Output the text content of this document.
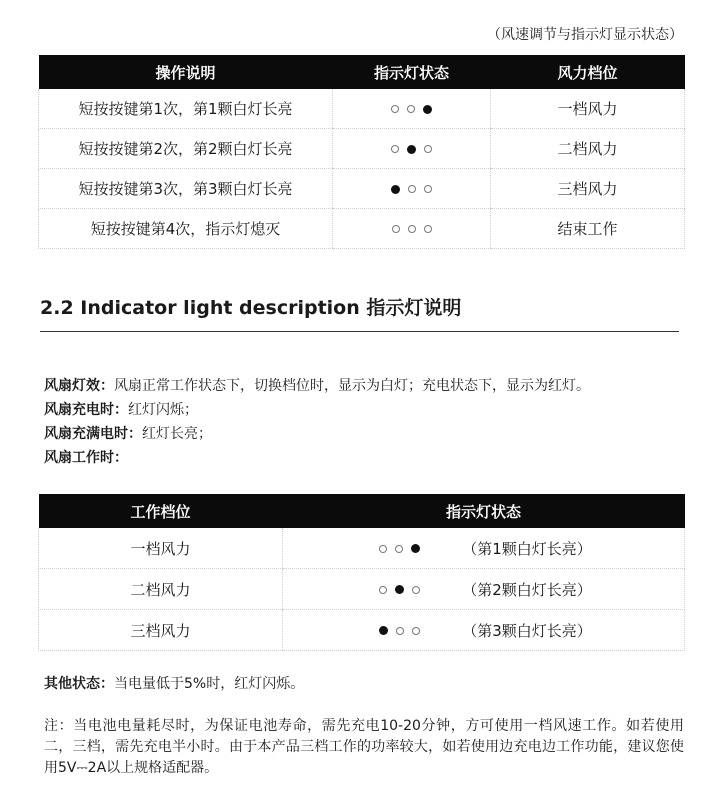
（风速调节与指示灯显示状态）
操作说明	指示灯状态	风力档位
短按按键第1次，第1颗白灯长亮		一档风力
短按按键第2次，第2颗白灯长亮		二档风力
短按按键第3次，第3颗白灯长亮		三档风力
短按按键第4次，指示灯熄灭		结束工作
2.2 Indicator light description 指示灯说明
风扇灯效：风扇正常工作状态下，切换档位时，显示为白灯；充电状态下，显示为红灯。
风扇充电时：红灯闪烁；
风扇充满电时：红灯长亮；
风扇工作时：
工作档位	指示灯状态
一档风力	（第1颗白灯长亮）

二档风力	（第2颗白灯长亮）

三档风力	（第3颗白灯长亮）
其他状态：当电量低于5%时，红灯闪烁。
注：当电池电量耗尽时，为保证电池寿命，需先充电10-20分钟，方可使用一档风速工作。如若使用二，三档，需先充电半小时。由于本产品三档工作的功率较大，如若使用边充电边工作功能，建议您使用5V⎓2A以上规格适配器。
